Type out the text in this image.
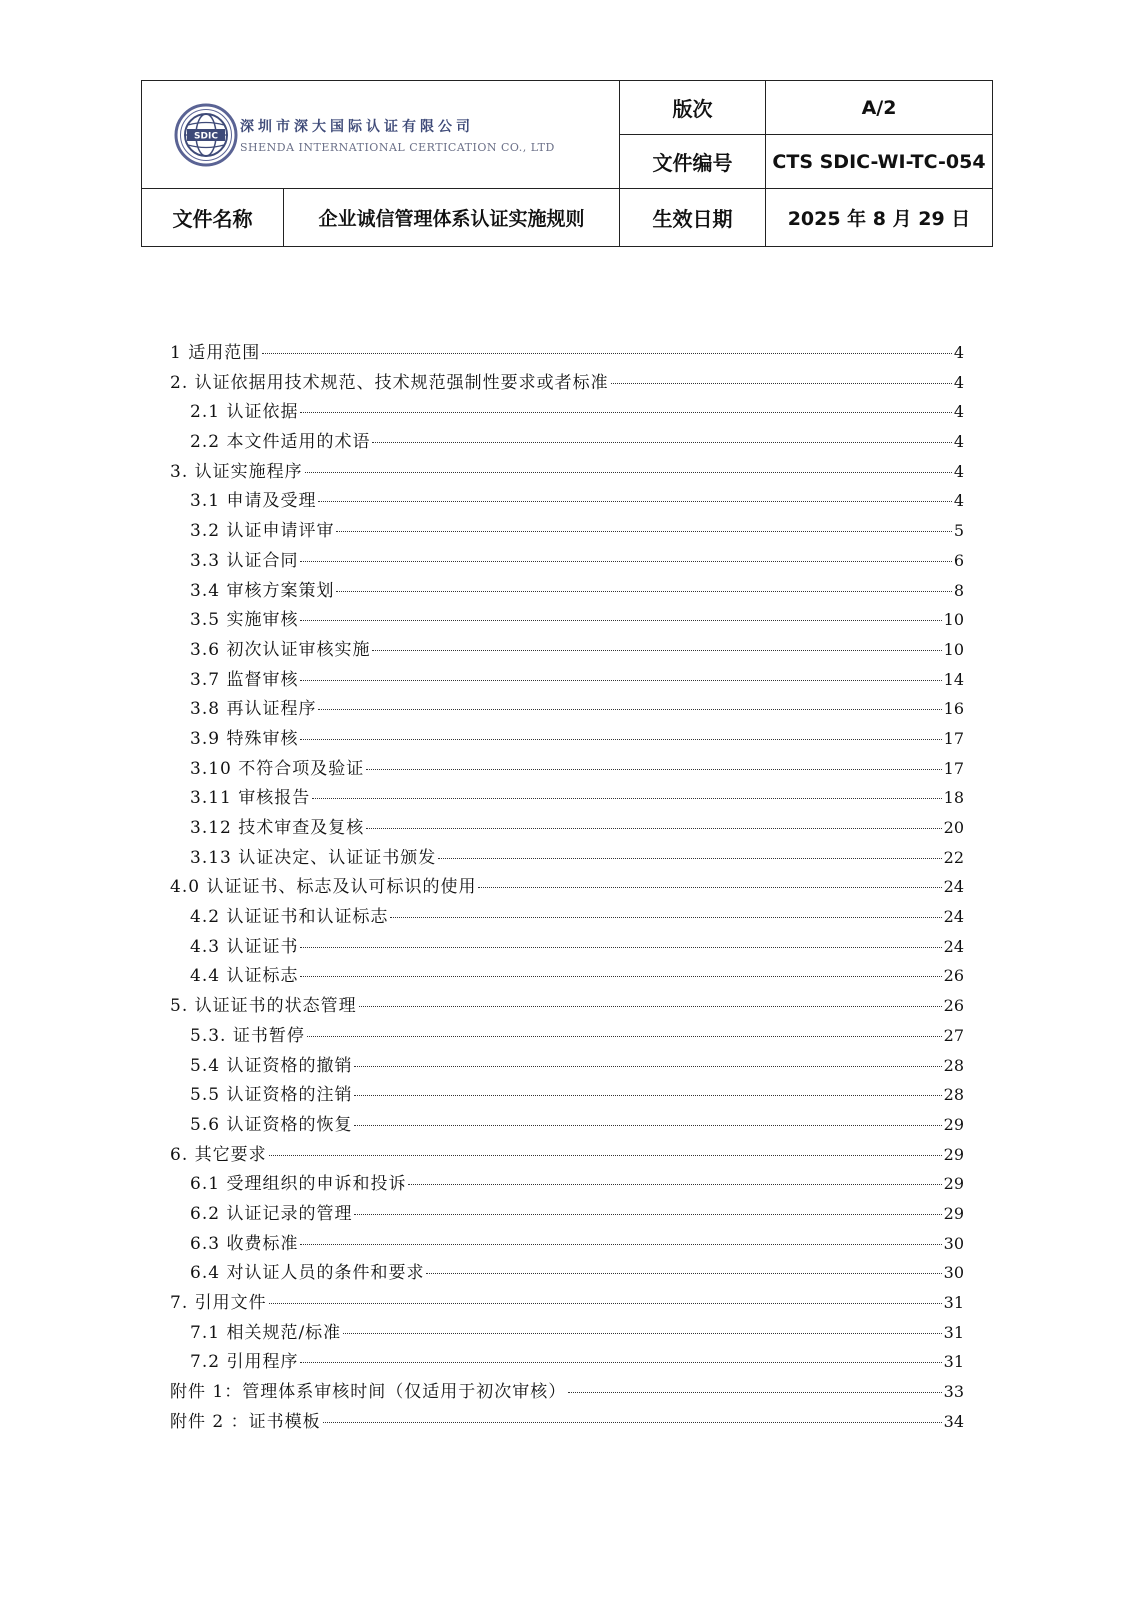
SDIC
深圳市深大国际认证有限公司
SHENDA INTERNATIONAL CERTICATION CO., LTD		版次	A/2
		文件编号	CTS SDIC-WI-TC-054
文件名称	企业诚信管理体系认证实施规则	生效日期	2025 年 8 月 29 日
1 适用范围	4
2. 认证依据用技术规范、技术规范强制性要求或者标准	4
2.1 认证依据	4
2.2 本文件适用的术语	4
3. 认证实施程序	4
3.1 申请及受理	4
3.2 认证申请评审	5
3.3 认证合同	6
3.4 审核方案策划	8
3.5 实施审核	10
3.6 初次认证审核实施	10
3.7 监督审核	14
3.8 再认证程序	16
3.9 特殊审核	17
3.10 不符合项及验证	17
3.11 审核报告	18
3.12 技术审查及复核	20
3.13 认证决定、认证证书颁发	22
4.0 认证证书、标志及认可标识的使用	24
4.2 认证证书和认证标志	24
4.3 认证证书	24
4.4 认证标志	26
5. 认证证书的状态管理	26
5.3. 证书暂停	27
5.4 认证资格的撤销	28
5.5 认证资格的注销	28
5.6 认证资格的恢复	29
6. 其它要求	29
6.1 受理组织的申诉和投诉	29
6.2 认证记录的管理	29
6.3 收费标准	30
6.4 对认证人员的条件和要求	30
7. 引用文件	31
7.1 相关规范/标准	31
7.2 引用程序	31
附件 1：管理体系审核时间（仅适用于初次审核）	33
附件 2 ：证书模板	34
